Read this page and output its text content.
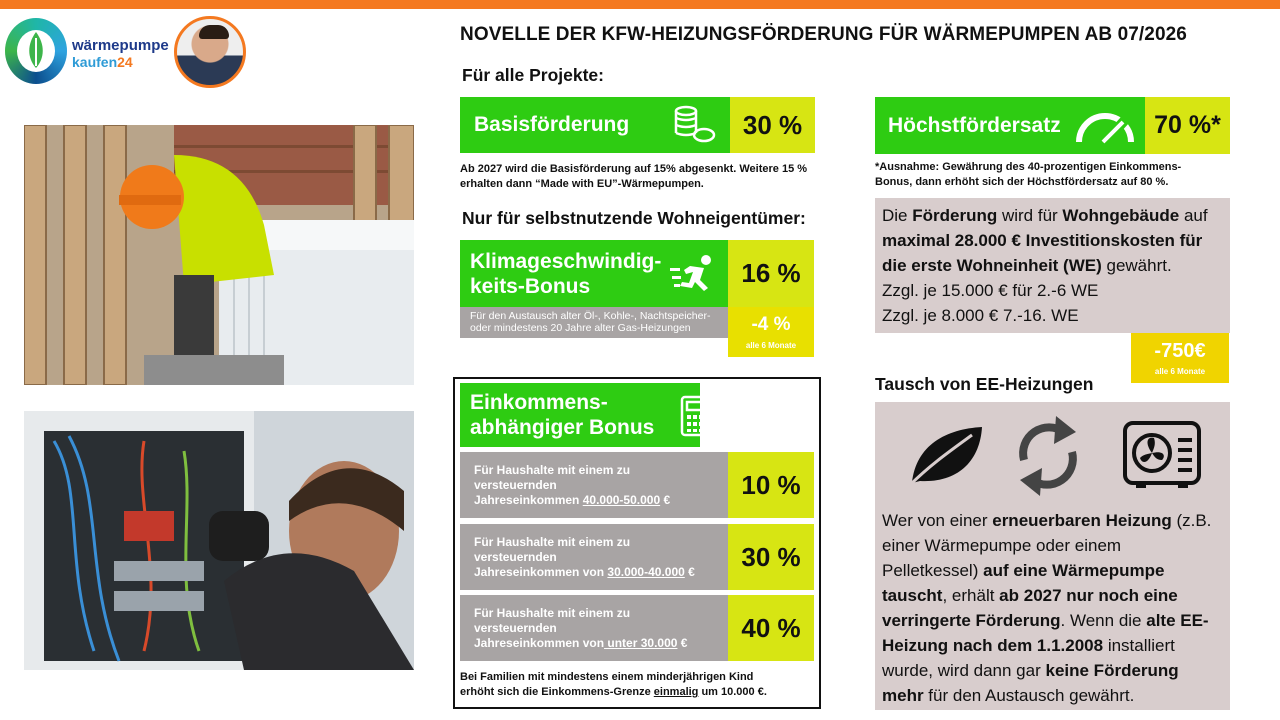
wärmepumpe
kaufen24
NOVELLE DER KFW-HEIZUNGSFÖRDERUNG FÜR WÄRMEPUMPEN AB 07/2026
Für alle Projekte:
Basisförderung	30 %
Ab 2027 wird die Basisförderung auf 15% abgesenkt. Weitere 15 % erhalten dann “Made with EU”-Wärmepumpen.
Nur für selbstnutzende Wohneigentümer:
Klimageschwindig-
keits-Bonus	16 %
Für den Austausch alter Öl-, Kohle-, Nachtspeicher-
oder mindestens 20 Jahre alter Gas-Heizungen	-4 %
alle 6 Monate
Einkommens-
abhängiger Bonus
Für Haushalte mit einem zu versteuernden
Jahreseinkommen 40.000-50.000 €	10 %
Für Haushalte mit einem zu versteuernden
Jahreseinkommen von 30.000-40.000 €	30 %
Für Haushalte mit einem zu versteuernden
Jahreseinkommen von unter 30.000 €	40 %
Bei Familien mit mindestens einem minderjährigen Kind
erhöht sich die Einkommens-Grenze einmalig um 10.000 €.
Höchstfördersatz	70 %*
*Ausnahme: Gewährung des 40-prozentigen Einkommens-Bonus, dann erhöht sich der Höchstfördersatz auf 80 %.
Die Förderung wird für Wohngebäude auf
maximal 28.000 € Investitionskosten für
die erste Wohneinheit (WE) gewährt.
Zzgl. je 15.000 € für 2.-6 WE
Zzgl. je 8.000 € 7.-16. WE
-750€
alle 6 Monate
Tausch von EE-Heizungen
Wer von einer erneuerbaren Heizung (z.B.
einer Wärmepumpe oder einem
Pelletkessel) auf eine Wärmepumpe
tauscht, erhält ab 2027 nur noch eine
verringerte Förderung. Wenn die alte EE-
Heizung nach dem 1.1.2008 installiert
wurde, wird dann gar keine Förderung
mehr für den Austausch gewährt.
